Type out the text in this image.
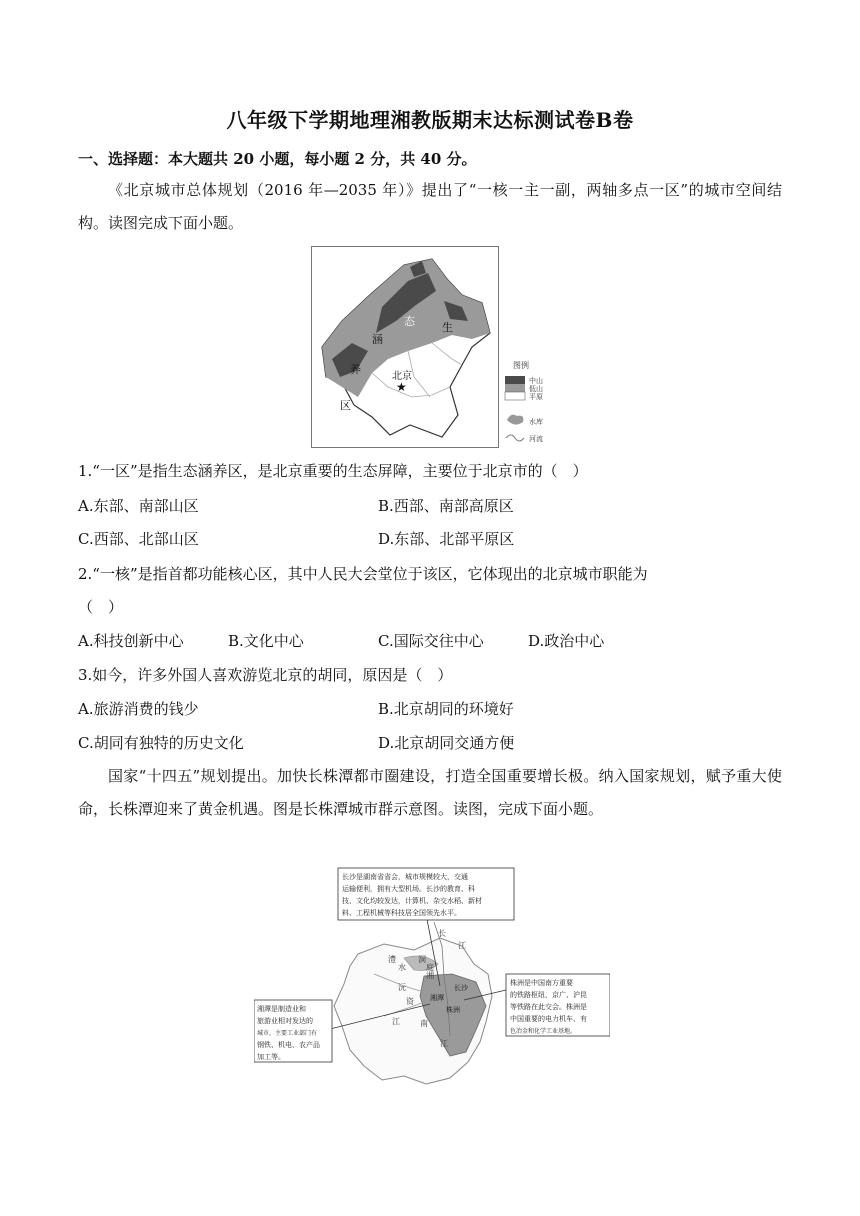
八年级下学期地理湘教版期末达标测试卷B卷
一、选择题：本大题共 20 小题，每小题 2 分，共 40 分。

《北京城市总体规划（2016 年—2035 年）》提出了“一核一主一副，两轴多点一区”的城市空间结构。读图完成下面小题。

态
涵
养
区
生
北京
★
图例
中山
低山
平原
水库
河流
1.“一区”是指生态涵养区，是北京重要的生态屏障，主要位于北京市的（　）
A.东部、南部山区	B.西部、南部高原区
C.西部、北部山区	D.东部、北部平原区
2.“一核”是指首都功能核心区，其中人民大会堂位于该区，它体现出的北京城市职能为
（　）
A.科技创新中心	B.文化中心	C.国际交往中心	D.政治中心
3.如今，许多外国人喜欢游览北京的胡同，原因是（　）
A.旅游消费的钱少	B.北京胡同的环境好
C.胡同有独特的历史文化	D.北京胡同交通方便

国家“十四五”规划提出。加快长株潭都市圈建设，打造全国重要增长极。纳入国家规划，赋予重大使命，长株潭迎来了黄金机遇。图是长株潭城市群示意图。读图，完成下面小题。

长沙是湖南省省会，城市规模较大，交通
运输便利，拥有大型机场。长沙的教育、科
技、文化均较发达，计算机、杂交水稻、新材
料、工程机械等科技居全国领先水平。
湘潭是制造业和
旅游业相对发达的
城市，主要工业部门有
钢铁、机电、农产品
加工等。
株洲是中国南方重要
的铁路枢纽，京广、沪昆
等铁路在此交会。株洲是
中国重要的电力机车、有
色冶金和化学工业基地。
长
江
澧
水
洞
庭
沅
资
湘
江	南
长沙
湘潭
株洲
江
